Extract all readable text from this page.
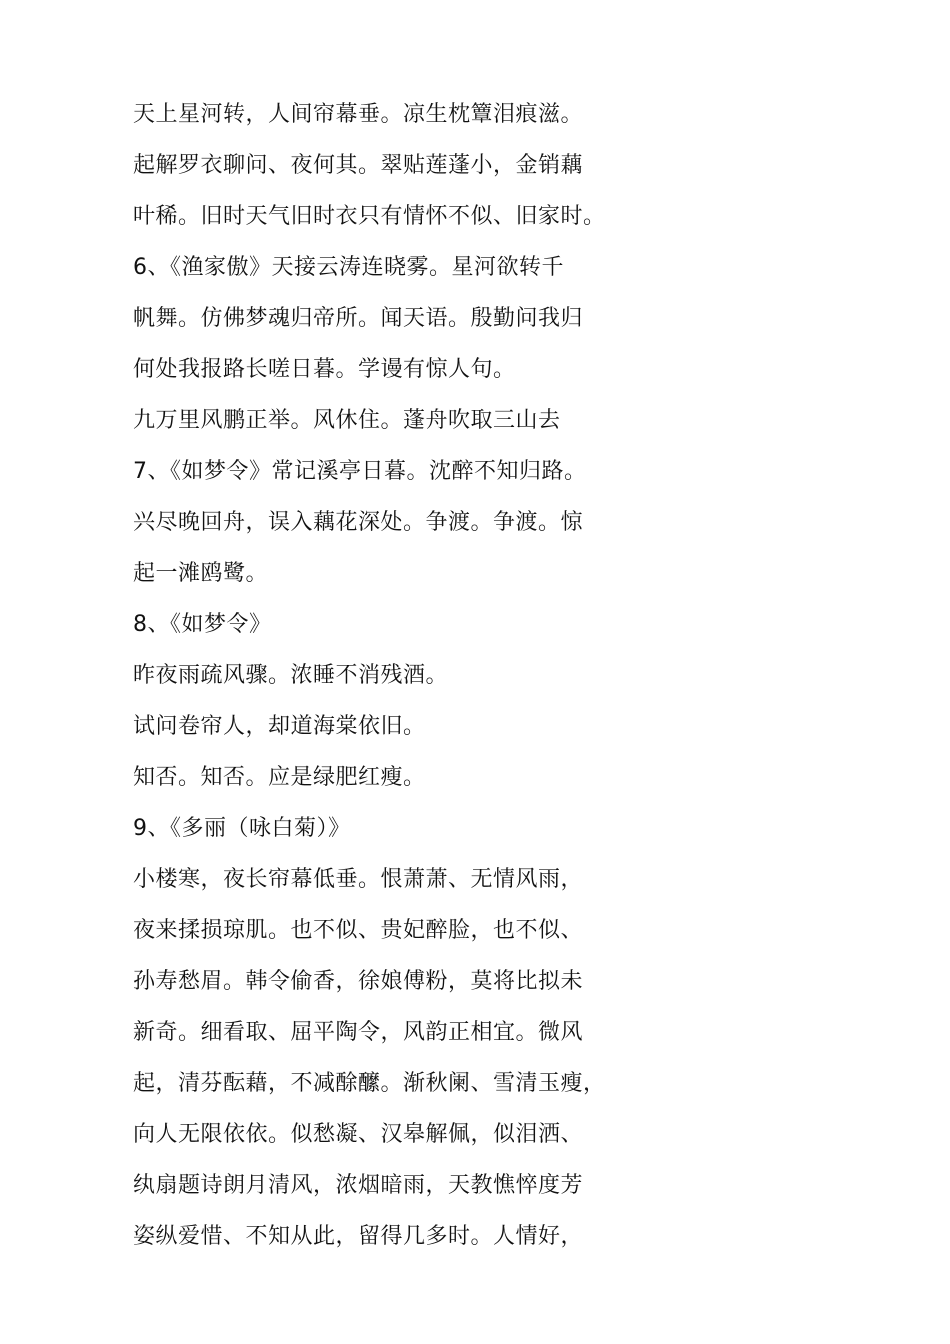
天上星河转，人间帘幕垂。凉生枕簟泪痕滋。
起解罗衣聊问、夜何其。翠贴莲蓬小，金销藕
叶稀。旧时天气旧时衣只有情怀不似、旧家时。
6、《渔家傲》天接云涛连晓雾。星河欲转千
帆舞。仿佛梦魂归帝所。闻天语。殷勤问我归
何处我报路长嗟日暮。学谩有惊人句。
九万里风鹏正举。风休住。蓬舟吹取三山去
7、《如梦令》常记溪亭日暮。沈醉不知归路。
兴尽晚回舟，误入藕花深处。争渡。争渡。惊
起一滩鸥鹭。
8、《如梦令》
昨夜雨疏风骤。浓睡不消残酒。
试问卷帘人，却道海棠依旧。
知否。知否。应是绿肥红瘦。
9、《多丽（咏白菊）》
小楼寒，夜长帘幕低垂。恨萧萧、无情风雨，
夜来揉损琼肌。也不似、贵妃醉脸，也不似、
孙寿愁眉。韩令偷香，徐娘傅粉，莫将比拟未
新奇。细看取、屈平陶令，风韵正相宜。微风
起，清芬酝藉，不减酴醿。渐秋阑、雪清玉瘦，
向人无限依依。似愁凝、汉皋解佩，似泪洒、
纨扇题诗朗月清风，浓烟暗雨，天教憔悴度芳
姿纵爱惜、不知从此，留得几多时。人情好，
